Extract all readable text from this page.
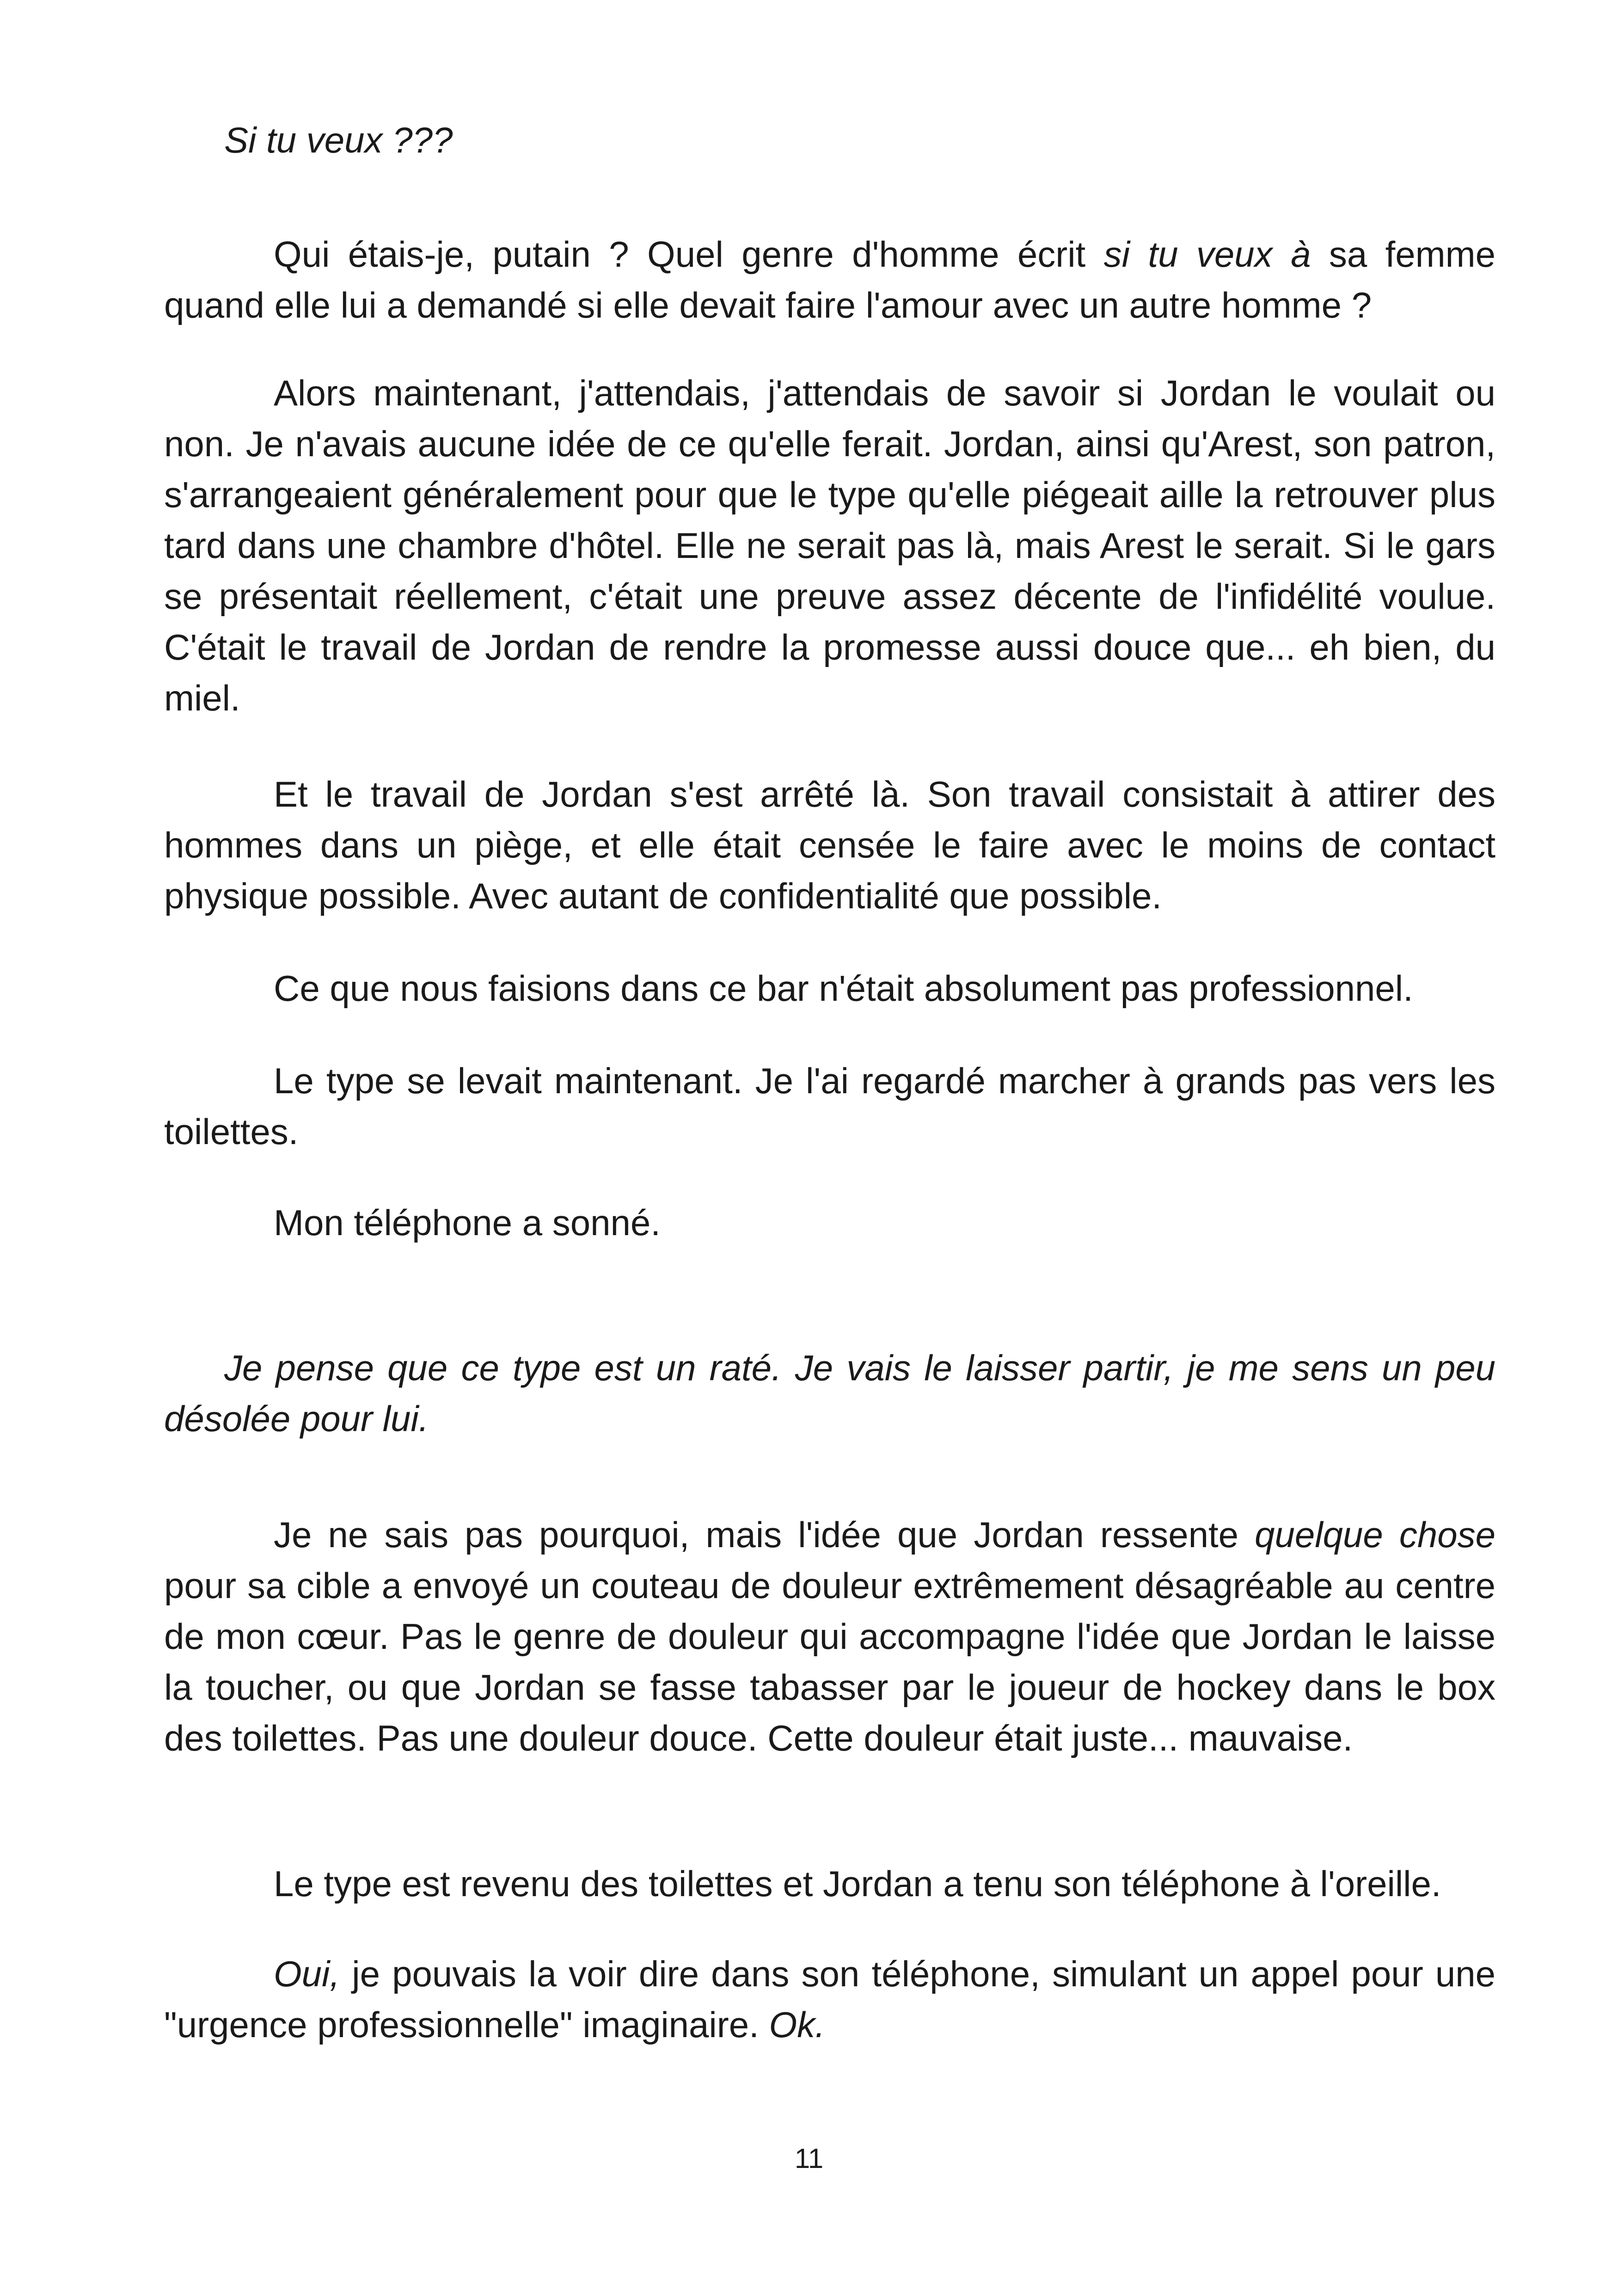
Si tu veux ???

Qui étais-je, putain ? Quel genre d'homme écrit si tu veux à sa femme quand elle lui a demandé si elle devait faire l'amour avec un autre homme ?

Alors maintenant, j'attendais, j'attendais de savoir si Jordan le voulait ou non. Je n'avais aucune idée de ce qu'elle ferait. Jordan, ainsi qu'Arest, son patron, s'arrangeaient généralement pour que le type qu'elle piégeait aille la retrouver plus tard dans une chambre d'hôtel. Elle ne serait pas là, mais Arest le serait. Si le gars se présentait réellement, c'était une preuve assez décente de l'infidélité voulue. C'était le travail de Jordan de rendre la promesse aussi douce que... eh bien, du miel.

Et le travail de Jordan s'est arrêté là. Son travail consistait à attirer des hommes dans un piège, et elle était censée le faire avec le moins de contact physique possible. Avec autant de confidentialité que possible.

Ce que nous faisions dans ce bar n'était absolument pas professionnel.

Le type se levait maintenant. Je l'ai regardé marcher à grands pas vers les toilettes.

Mon téléphone a sonné.

Je pense que ce type est un raté. Je vais le laisser partir, je me sens un peu désolée pour lui.

Je ne sais pas pourquoi, mais l'idée que Jordan ressente quelque chose pour sa cible a envoyé un couteau de douleur extrêmement désagréable au centre de mon cœur. Pas le genre de douleur qui accompagne l'idée que Jordan le laisse la toucher, ou que Jordan se fasse tabasser par le joueur de hockey dans le box des toilettes. Pas une douleur douce. Cette douleur était juste... mauvaise.

Le type est revenu des toilettes et Jordan a tenu son téléphone à l'oreille.

Oui, je pouvais la voir dire dans son téléphone, simulant un appel pour une "urgence professionnelle" imaginaire. Ok.

11
